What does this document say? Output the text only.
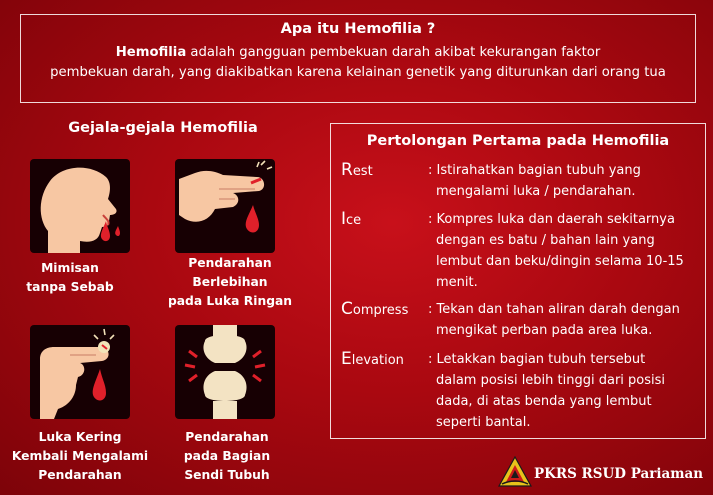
Apa itu Hemofilia ?
Hemofilia adalah gangguan pembekuan darah akibat kekurangan faktor
pembekuan darah, yang diakibatkan karena kelainan genetik yang diturunkan dari orang tua
Gejala-gejala Hemofilia
Mimisan
tanpa Sebab
Pendarahan
Berlebihan
pada Luka Ringan
Luka Kering
Kembali Mengalami
Pendarahan
Pendarahan
pada Bagian
Sendi Tubuh
Pertolongan Pertama pada Hemofilia
Rest	: Istirahatkan bagian tubuh yang
mengalami luka / pendarahan.
Ice	: Kompres luka dan daerah sekitarnya
dengan es batu / bahan lain yang
lembut dan beku/dingin selama 10-15
menit.
Compress : Tekan dan tahan aliran darah dengan
mengikat perban pada area luka.
Elevation : Letakkan bagian tubuh tersebut
dalam posisi lebih tinggi dari posisi
dada, di atas benda yang lembut
seperti bantal.
PKRS RSUD Pariaman
